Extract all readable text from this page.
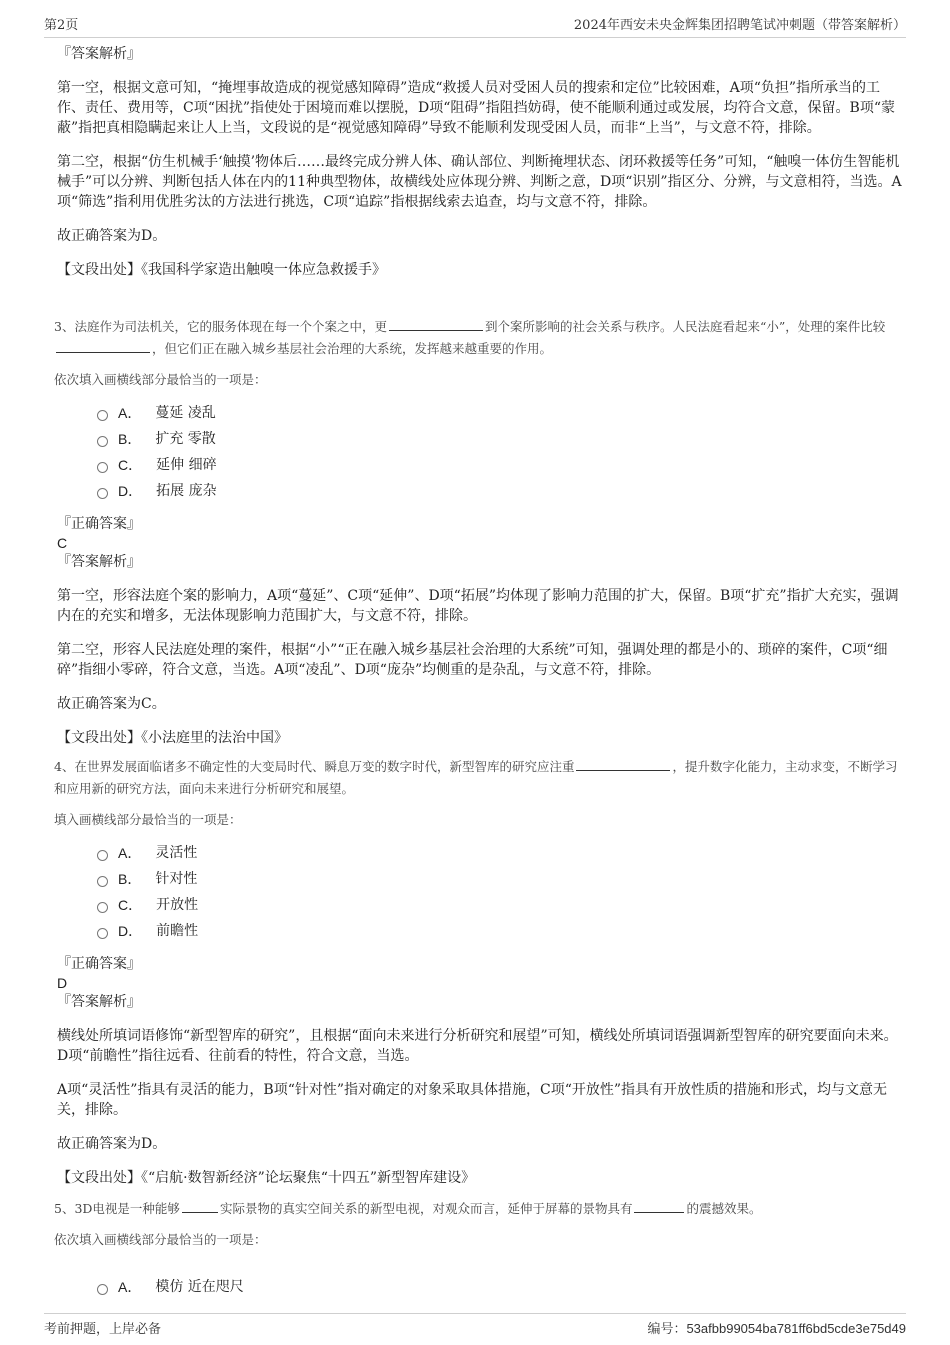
第2页	2024年西安未央金辉集团招聘笔试冲刺题（带答案解析）

『答案解析』

第一空，根据文意可知，“掩埋事故造成的视觉感知障碍”造成“救援人员对受困人员的搜索和定位”比较困难，A项“负担”指所承当的工作、责任、费用等，C项“困扰”指使处于困境而难以摆脱，D项“阻碍”指阻挡妨碍，使不能顺利通过或发展，均符合文意，保留。B项“蒙蔽”指把真相隐瞒起来让人上当，文段说的是“视觉感知障碍”导致不能顺利发现受困人员，而非“上当”，与文意不符，排除。

第二空，根据“仿生机械手‘触摸’物体后……最终完成分辨人体、确认部位、判断掩埋状态、闭环救援等任务”可知，“触嗅一体仿生智能机械手”可以分辨、判断包括人体在内的11种典型物体，故横线处应体现分辨、判断之意，D项“识别”指区分、分辨，与文意相符，当选。A项“筛选”指利用优胜劣汰的方法进行挑选，C项“追踪”指根据线索去追查，均与文意不符，排除。

故正确答案为D。

【文段出处】《我国科学家造出触嗅一体应急救援手》

3、法庭作为司法机关，它的服务体现在每一个个案之中，更	到个案所影响的社会关系与秩序。人民法庭看起来“小”，处理的案件比较，但它们正在融入城乡基层社会治理的大系统，发挥越来越重要的作用。

依次填入画横线部分最恰当的一项是：

A． 蔓延 凌乱
B． 扩充 零散
C． 延伸 细碎
D． 拓展 庞杂

『正确答案』

C

『答案解析』

第一空，形容法庭个案的影响力，A项“蔓延”、C项“延伸”、D项“拓展”均体现了影响力范围的扩大，保留。B项“扩充”指扩大充实，强调内在的充实和增多，无法体现影响力范围扩大，与文意不符，排除。

第二空，形容人民法庭处理的案件，根据“小”“正在融入城乡基层社会治理的大系统”可知，强调处理的都是小的、琐碎的案件，C项“细碎”指细小零碎，符合文意，当选。A项“凌乱”、D项“庞杂”均侧重的是杂乱，与文意不符，排除。

故正确答案为C。

【文段出处】《小法庭里的法治中国》

4、在世界发展面临诸多不确定性的大变局时代、瞬息万变的数字时代，新型智库的研究应注重	，提升数字化能力，主动求变，不断学习和应用新的研究方法，面向未来进行分析研究和展望。

填入画横线部分最恰当的一项是：

A． 灵活性
B． 针对性
C． 开放性
D． 前瞻性

『正确答案』

D

『答案解析』

横线处所填词语修饰“新型智库的研究”，且根据“面向未来进行分析研究和展望”可知，横线处所填词语强调新型智库的研究要面向未来。D项“前瞻性”指往远看、往前看的特性，符合文意，当选。

A项“灵活性”指具有灵活的能力，B项“针对性”指对确定的对象采取具体措施，C项“开放性”指具有开放性质的措施和形式，均与文意无关，排除。

故正确答案为D。

【文段出处】《“启航·数智新经济”论坛聚焦“十四五”新型智库建设》

5、3D电视是一种能够	实际景物的真实空间关系的新型电视，对观众而言，延伸于屏幕的景物具有	的震撼效果。

依次填入画横线部分最恰当的一项是：

A． 模仿 近在咫尺
考前押题，上岸必备	编号：53afbb99054ba781ff6bd5cde3e75d49
